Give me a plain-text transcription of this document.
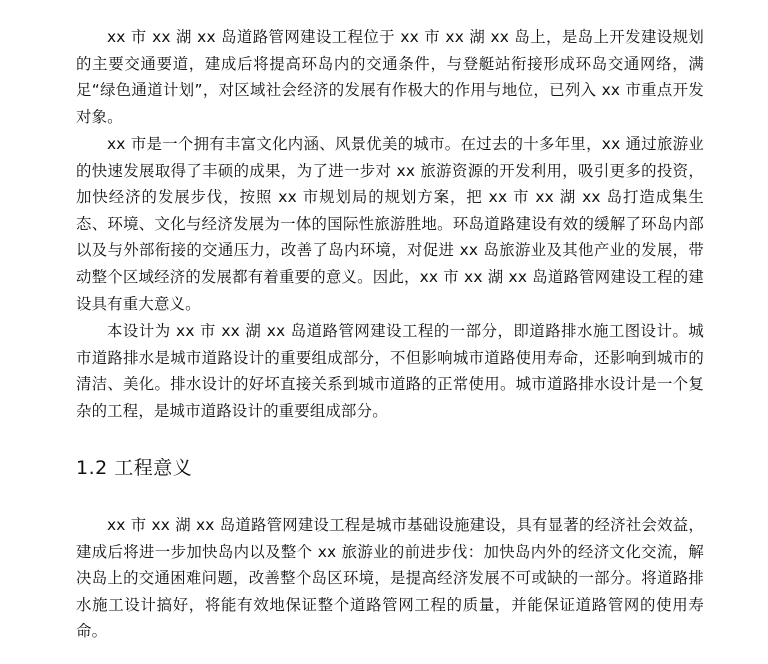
xx 市 xx 湖 xx 岛道路管网建设工程位于 xx 市 xx 湖 xx 岛上，是岛上开发建设规划的主要交通要道，建成后将提高环岛内的交通条件，与登艇站衔接形成环岛交通网络，满足“绿色通道计划”，对区域社会经济的发展有作极大的作用与地位，已列入 xx 市重点开发对象。

xx 市是一个拥有丰富文化内涵、风景优美的城市。在过去的十多年里，xx 通过旅游业的快速发展取得了丰硕的成果，为了进一步对 xx 旅游资源的开发利用，吸引更多的投资，加快经济的发展步伐，按照 xx 市规划局的规划方案，把 xx 市 xx 湖 xx 岛打造成集生态、环境、文化与经济发展为一体的国际性旅游胜地。环岛道路建设有效的缓解了环岛内部以及与外部衔接的交通压力，改善了岛内环境，对促进 xx 岛旅游业及其他产业的发展，带动整个区域经济的发展都有着重要的意义。因此，xx 市 xx 湖 xx 岛道路管网建设工程的建设具有重大意义。

本设计为 xx 市 xx 湖 xx 岛道路管网建设工程的一部分，即道路排水施工图设计。城市道路排水是城市道路设计的重要组成部分，不但影响城市道路使用寿命，还影响到城市的清洁、美化。排水设计的好坏直接关系到城市道路的正常使用。城市道路排水设计是一个复杂的工程，是城市道路设计的重要组成部分。

1.2 工程意义

xx 市 xx 湖 xx 岛道路管网建设工程是城市基础设施建设，具有显著的经济社会效益，建成后将进一步加快岛内以及整个 xx 旅游业的前进步伐：加快岛内外的经济文化交流，解决岛上的交通困难问题，改善整个岛区环境，是提高经济发展不可或缺的一部分。将道路排水施工设计搞好，将能有效地保证整个道路管网工程的质量，并能保证道路管网的使用寿命。
